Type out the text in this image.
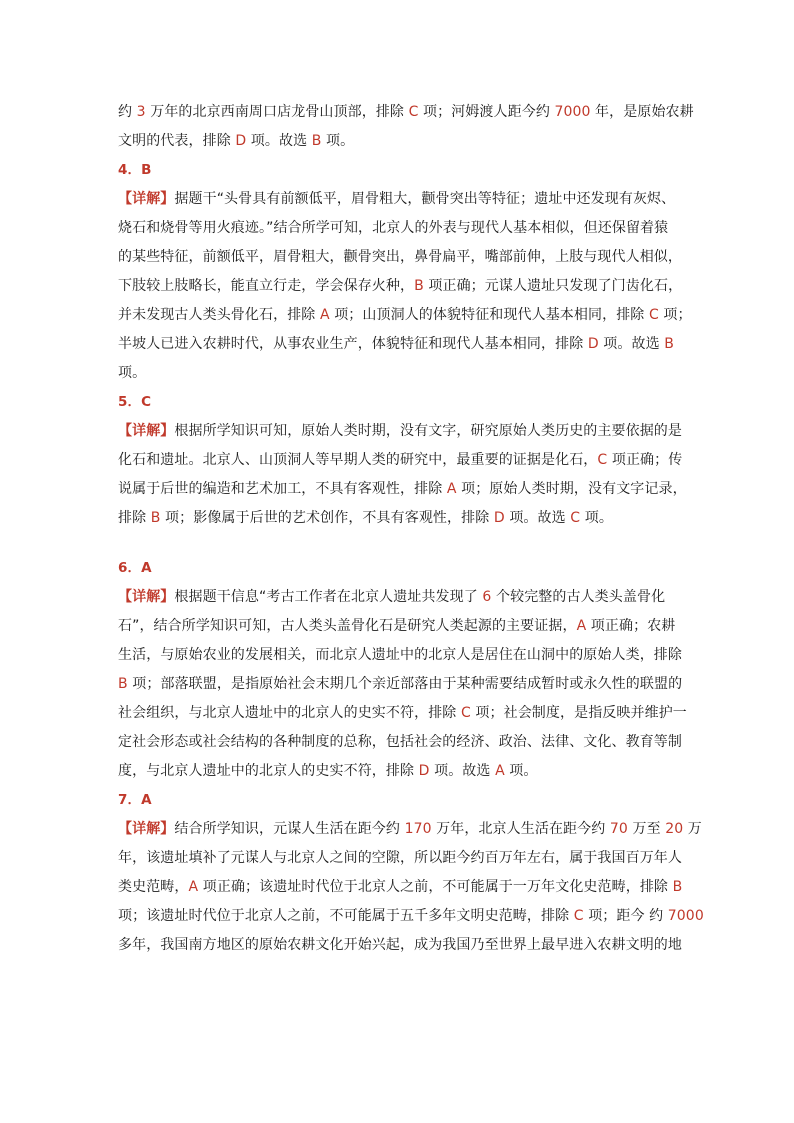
约 3 万年的北京西南周口店龙骨山顶部，排除 C 项；河姆渡人距今约 7000 年，是原始农耕
文明的代表，排除 D 项。故选 B 项。
4．B
【详解】据题干“头骨具有前额低平，眉骨粗大，颧骨突出等特征；遗址中还发现有灰烬、
烧石和烧骨等用火痕迹。”结合所学可知，北京人的外表与现代人基本相似，但还保留着猿
的某些特征，前额低平，眉骨粗大，颧骨突出，鼻骨扁平，嘴部前伸，上肢与现代人相似，
下肢较上肢略长，能直立行走，学会保存火种，B 项正确；元谋人遗址只发现了门齿化石，
并未发现古人类头骨化石，排除 A 项；山顶洞人的体貌特征和现代人基本相同，排除 C 项；
半坡人已进入农耕时代，从事农业生产，体貌特征和现代人基本相同，排除 D 项。故选 B
项。
5．C
【详解】根据所学知识可知，原始人类时期，没有文字，研究原始人类历史的主要依据的是
化石和遗址。北京人、山顶洞人等早期人类的研究中，最重要的证据是化石，C 项正确；传
说属于后世的编造和艺术加工，不具有客观性，排除 A 项；原始人类时期，没有文字记录，
排除 B 项；影像属于后世的艺术创作，不具有客观性，排除 D 项。故选 C 项。
6．A
【详解】根据题干信息“考古工作者在北京人遗址共发现了 6 个较完整的古人类头盖骨化
石”，结合所学知识可知，古人类头盖骨化石是研究人类起源的主要证据，A 项正确；农耕
生活，与原始农业的发展相关，而北京人遗址中的北京人是居住在山洞中的原始人类，排除
B 项；部落联盟，是指原始社会末期几个亲近部落由于某种需要结成暂时或永久性的联盟的
社会组织，与北京人遗址中的北京人的史实不符，排除 C 项；社会制度，是指反映并维护一
定社会形态或社会结构的各种制度的总称，包括社会的经济、政治、法律、文化、教育等制
度，与北京人遗址中的北京人的史实不符，排除 D 项。故选 A 项。
7．A
【详解】结合所学知识，元谋人生活在距今约 170 万年，北京人生活在距今约 70 万至 20 万
年，该遗址填补了元谋人与北京人之间的空隙，所以距今约百万年左右，属于我国百万年人
类史范畴，A 项正确；该遗址时代位于北京人之前，不可能属于一万年文化史范畴，排除 B
项；该遗址时代位于北京人之前，不可能属于五千多年文明史范畴，排除 C 项；距今 约 7000
多年，我国南方地区的原始农耕文化开始兴起，成为我国乃至世界上最早进入农耕文明的地
